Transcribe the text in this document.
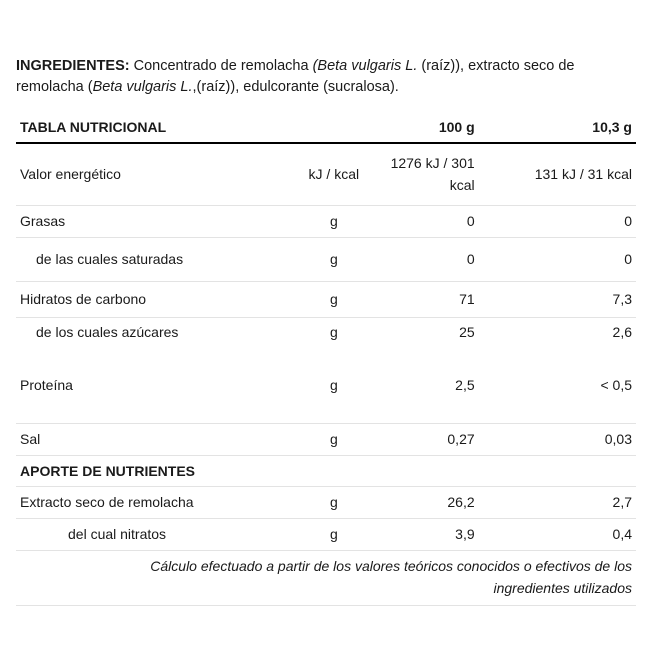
INGREDIENTES: Concentrado de remolacha (Beta vulgaris L. (raíz)), extracto seco de remolacha (Beta vulgaris L.,(raíz)), edulcorante (sucralosa).
TABLA NUTRICIONAL		100 g	10,3 g
Valor energético	kJ / kcal	1276 kJ / 301 kcal	131 kJ / 31 kcal
Grasas	g	0	0
de las cuales saturadas	g	0	0
Hidratos de carbono	g	71	7,3
de los cuales azúcares	g	25	2,6
Proteína	g	2,5	< 0,5
Sal	g	0,27	0,03
APORTE DE NUTRIENTES			
Extracto seco de remolacha	g	26,2	2,7
del cual nitratos	g	3,9	0,4
Cálculo efectuado a partir de los valores teóricos conocidos o efectivos de los ingredientes utilizados			
